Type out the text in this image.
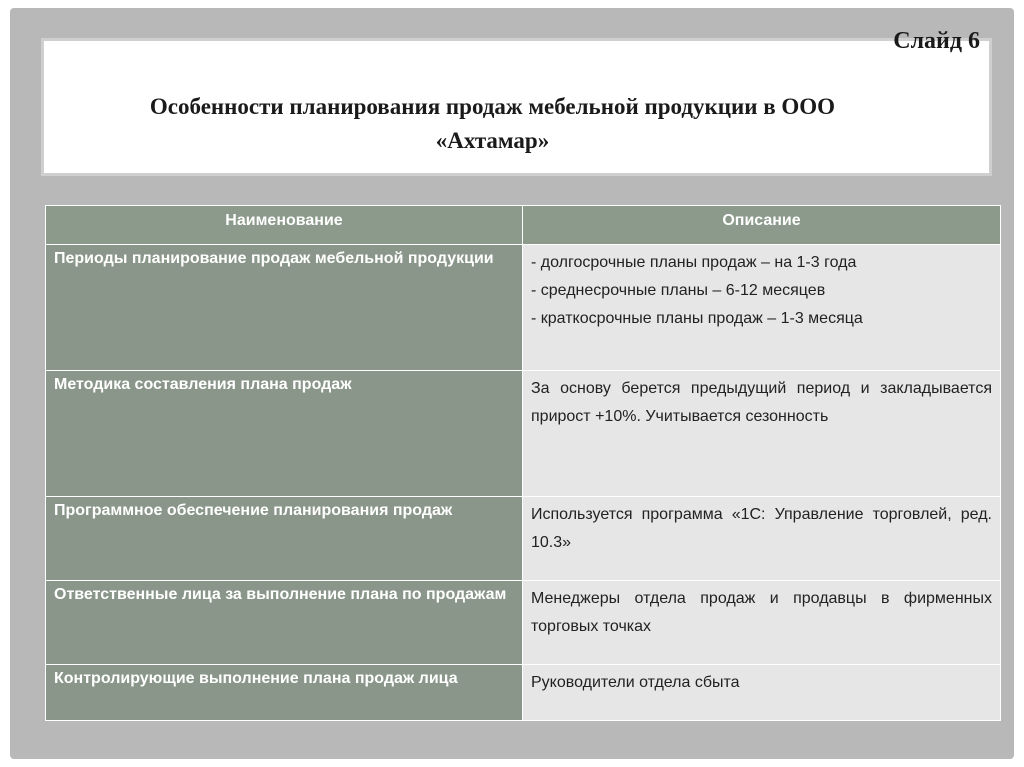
Слайд 6
Особенности планирования продаж мебельной продукции в ООО
«Ахтамар»
Наименование	Описание
Периоды планирование продаж мебельной продукции	- долгосрочные планы продаж – на 1-3 года
- среднесрочные планы – 6-12 месяцев
- краткосрочные планы продаж – 1-3 месяца

Методика составления плана продаж	За основу берется предыдущий период и закладывается прирост +10%. Учитывается сезонность
Программное обеспечение планирования продаж	Используется программа «1С: Управление торговлей, ред. 10.3»
Ответственные лица за выполнение плана по продажам	Менеджеры отдела продаж и продавцы в фирменных торговых точках
Контролирующие выполнение плана продаж лица	Руководители отдела сбыта
